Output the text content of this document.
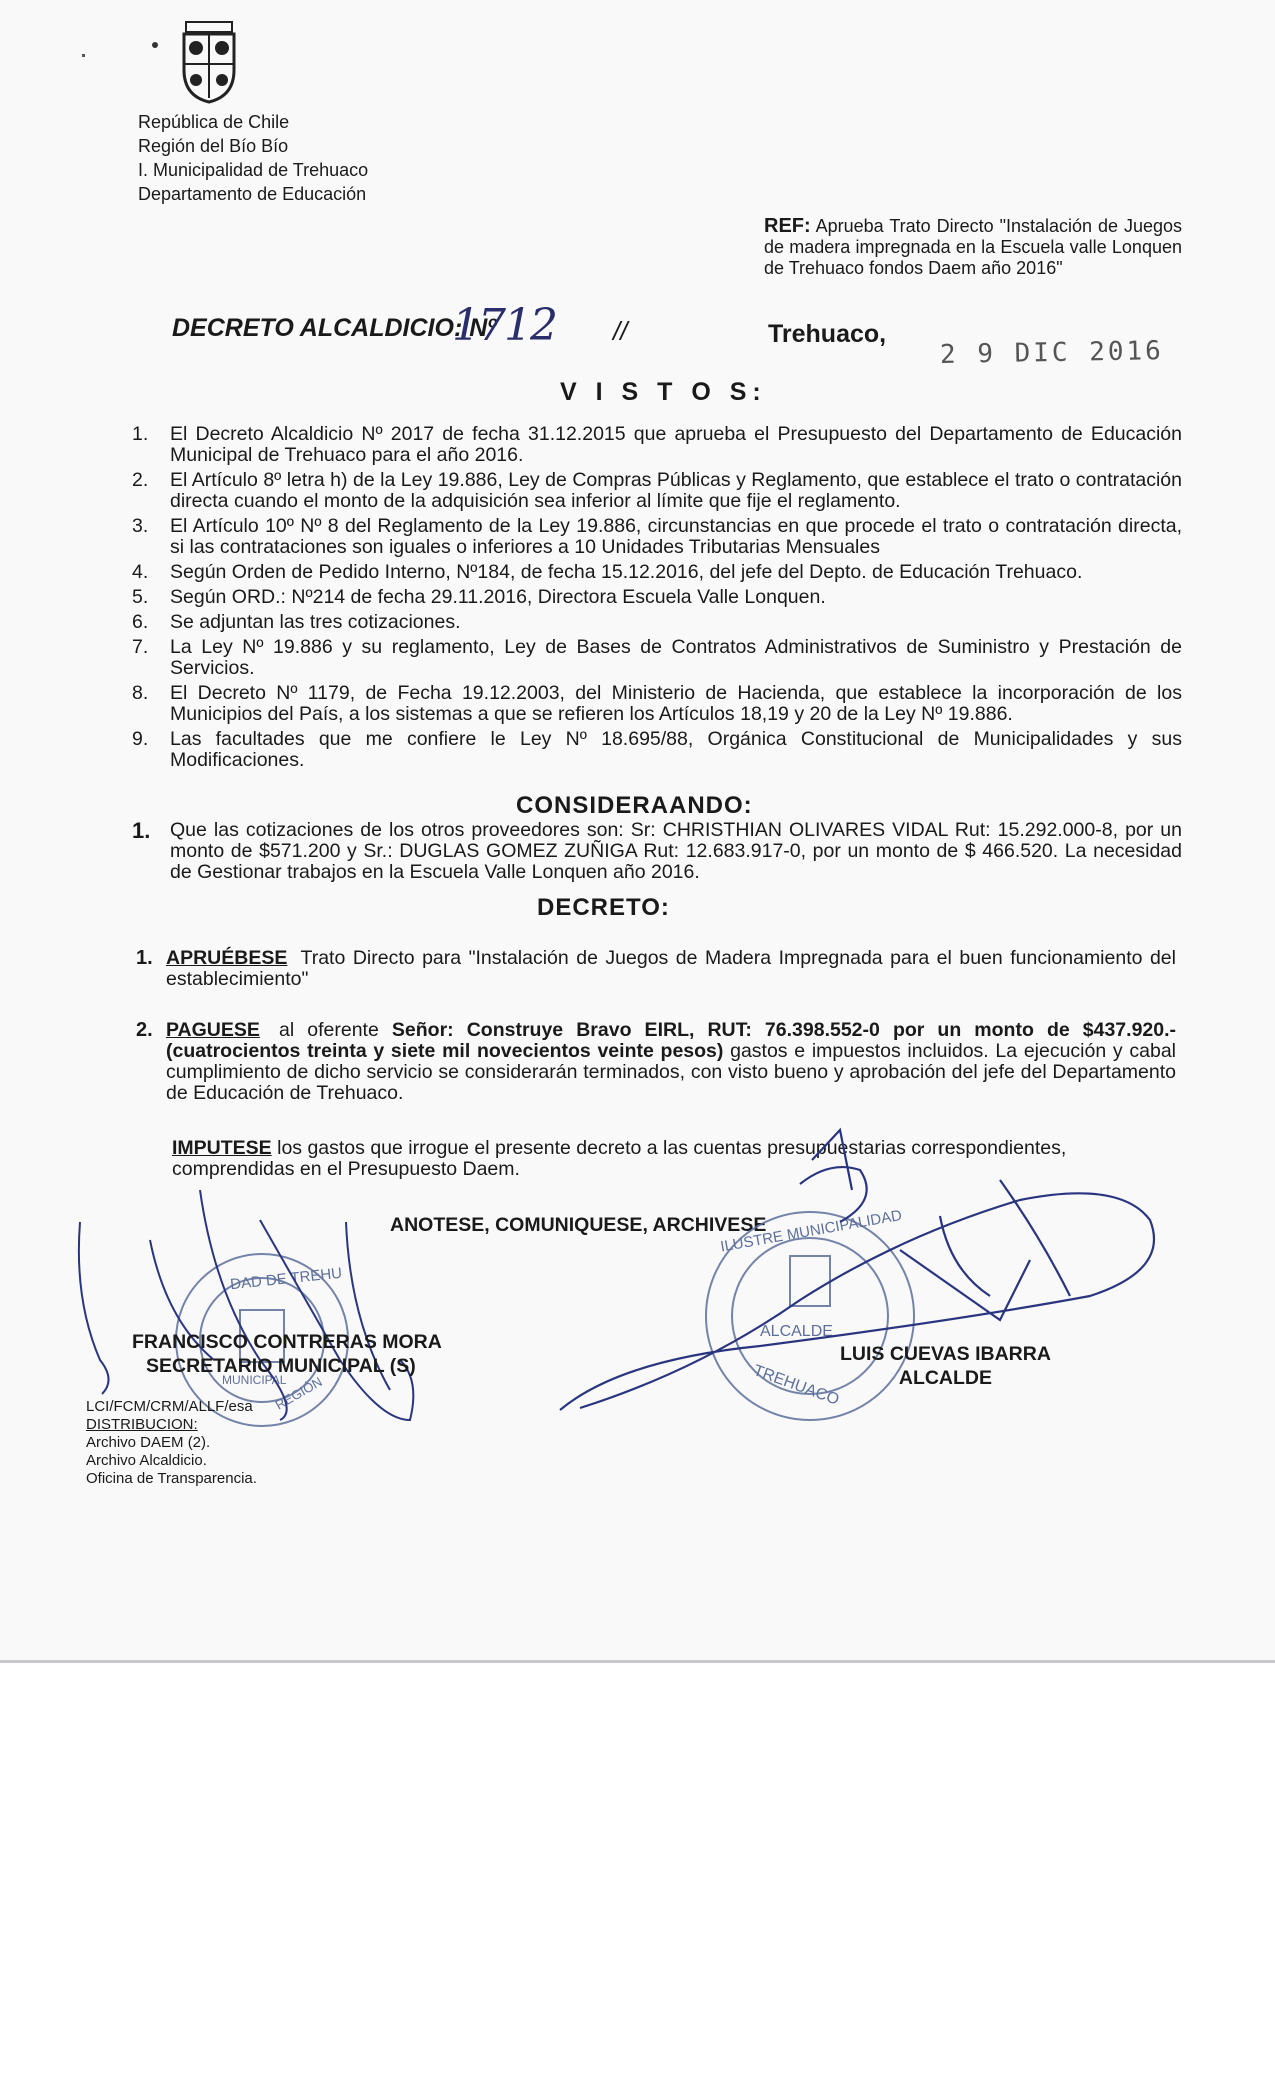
República de Chile
Región del Bío Bío
I. Municipalidad de Trehuaco
Departamento de Educación
REF: Aprueba Trato Directo "Instalación de Juegos de madera impregnada en la Escuela valle Lonquen de Trehuaco fondos Daem año 2016"
DECRETO ALCALDICIO: Nº
1712 //	Trehuaco,
2 9 DIC 2016
V I S T O S:
1.	El Decreto Alcaldicio Nº 2017 de fecha 31.12.2015 que aprueba el Presupuesto del Departamento de Educación Municipal de Trehuaco para el año 2016.
2.	El Artículo 8º letra h) de la Ley 19.886, Ley de Compras Públicas y Reglamento, que establece el trato o contratación directa cuando el monto de la adquisición sea inferior al límite que fije el reglamento.
3.	El Artículo 10º Nº 8 del Reglamento de la Ley 19.886, circunstancias en que procede el trato o contratación directa, si las contrataciones son iguales o inferiores a 10 Unidades Tributarias Mensuales
4.	Según Orden de Pedido Interno, Nº184, de fecha 15.12.2016, del jefe del Depto. de Educación Trehuaco.
5.	Según ORD.: Nº214 de fecha 29.11.2016, Directora Escuela Valle Lonquen.
6.	Se adjuntan las tres cotizaciones.
7.	La Ley Nº 19.886 y su reglamento, Ley de Bases de Contratos Administrativos de Suministro y Prestación de Servicios.
8.	El Decreto Nº 1179, de Fecha 19.12.2003, del Ministerio de Hacienda, que establece la incorporación de los Municipios del País, a los sistemas a que se refieren los Artículos 18,19 y 20 de la Ley Nº 19.886.
9.	Las facultades que me confiere le Ley Nº 18.695/88, Orgánica Constitucional de Municipalidades y sus Modificaciones.
CONSIDERAANDO:
1.	Que las cotizaciones de los otros proveedores son: Sr: CHRISTHIAN OLIVARES VIDAL Rut: 15.292.000-8, por un monto de $571.200 y Sr.: DUGLAS GOMEZ ZUÑIGA Rut: 12.683.917-0, por un monto de $ 466.520. La necesidad de Gestionar trabajos en la Escuela Valle Lonquen año 2016.
DECRETO:
1. APRUÉBESE Trato Directo para "Instalación de Juegos de Madera Impregnada para el buen funcionamiento del establecimiento"
2. PAGUESE al oferente Señor: Construye Bravo EIRL, RUT: 76.398.552-0 por un monto de $437.920.- (cuatrocientos treinta y siete mil novecientos veinte pesos) gastos e impuestos incluidos. La ejecución y cabal cumplimiento de dicho servicio se considerarán terminados, con visto bueno y aprobación del jefe del Departamento de Educación de Trehuaco.
IMPUTESE los gastos que irrogue el presente decreto a las cuentas presupuestarias correspondientes, comprendidas en el Presupuesto Daem.
ANOTESE, COMUNIQUESE, ARCHIVESE
DAD DE TREHU
MUNICIPAL
REGIÓN
ILUSTRE MUNICIPALIDAD
ALCALDE
TREHUACO
FRANCISCO CONTRERAS MORA
SECRETARIO MUNICIPAL (S)
LUIS CUEVAS IBARRA
ALCALDE
LCI/FCM/CRM/ALLF/esa
DISTRIBUCION:
Archivo DAEM (2).
Archivo Alcaldicio.
Oficina de Transparencia.
